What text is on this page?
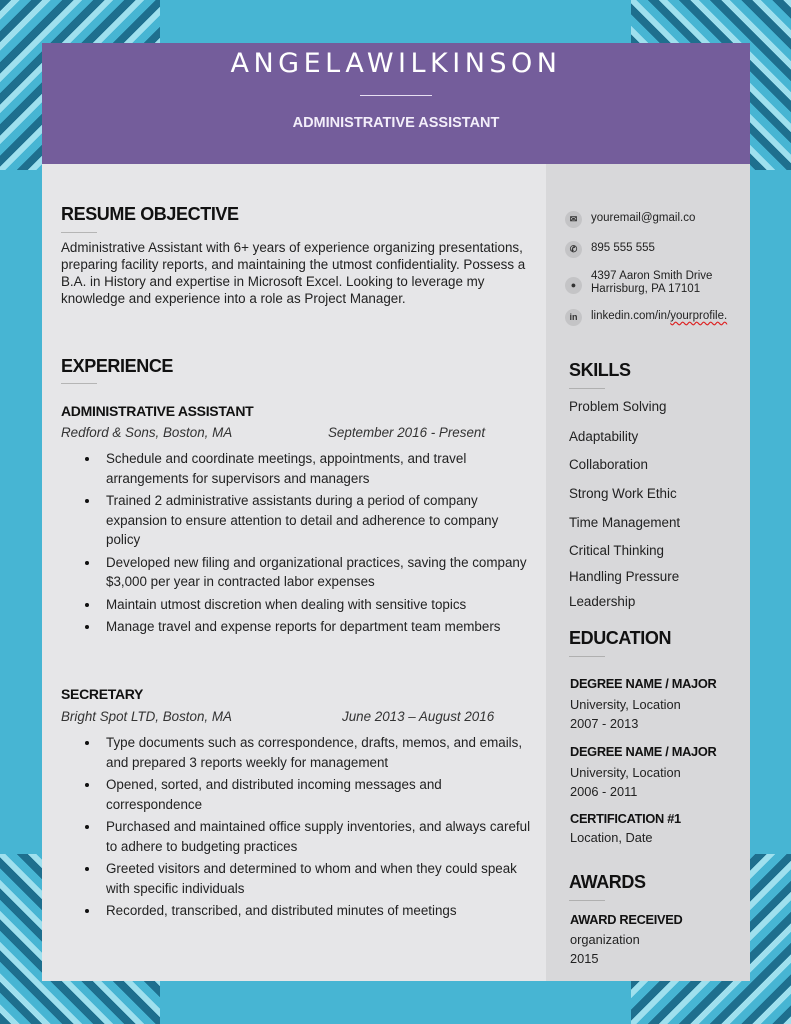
ANGELAWILKINSON
ADMINISTRATIVE ASSISTANT
RESUME OBJECTIVE
Administrative Assistant with 6+ years of experience organizing presentations, preparing facility reports, and maintaining the utmost confidentiality. Possess a B.A. in History and expertise in Microsoft Excel. Looking to leverage my knowledge and experience into a role as Project Manager.
EXPERIENCE
ADMINISTRATIVE ASSISTANT
Redford & Sons, Boston, MA	September 2016 - Present
Schedule and coordinate meetings, appointments, and travel arrangements for supervisors and managers
Trained 2 administrative assistants during a period of company expansion to ensure attention to detail and adherence to company policy
Developed new filing and organizational practices, saving the company $3,000 per year in contracted labor expenses
Maintain utmost discretion when dealing with sensitive topics
Manage travel and expense reports for department team members
SECRETARY
Bright Spot LTD, Boston, MA	June 2013 – August 2016
Type documents such as correspondence, drafts, memos, and emails, and prepared 3 reports weekly for management
Opened, sorted, and distributed incoming messages and correspondence
Purchased and maintained office supply inventories, and always careful to adhere to budgeting practices
Greeted visitors and determined to whom and when they could speak with specific individuals
Recorded, transcribed, and distributed minutes of meetings
✉	youremail@gmail.co
✆	895 555 555
●
4397 Aaron Smith Drive
Harrisburg, PA 17101
in	linkedin.com/in/yourprofile.
SKILLS
Problem Solving
Adaptability
Collaboration
Strong Work Ethic
Time Management
Critical Thinking
Handling Pressure
Leadership
EDUCATION
DEGREE NAME / MAJOR
University, Location
2007 - 2013
DEGREE NAME / MAJOR
University, Location
2006 - 2011
CERTIFICATION #1
Location, Date
AWARDS
AWARD RECEIVED
organization
2015
